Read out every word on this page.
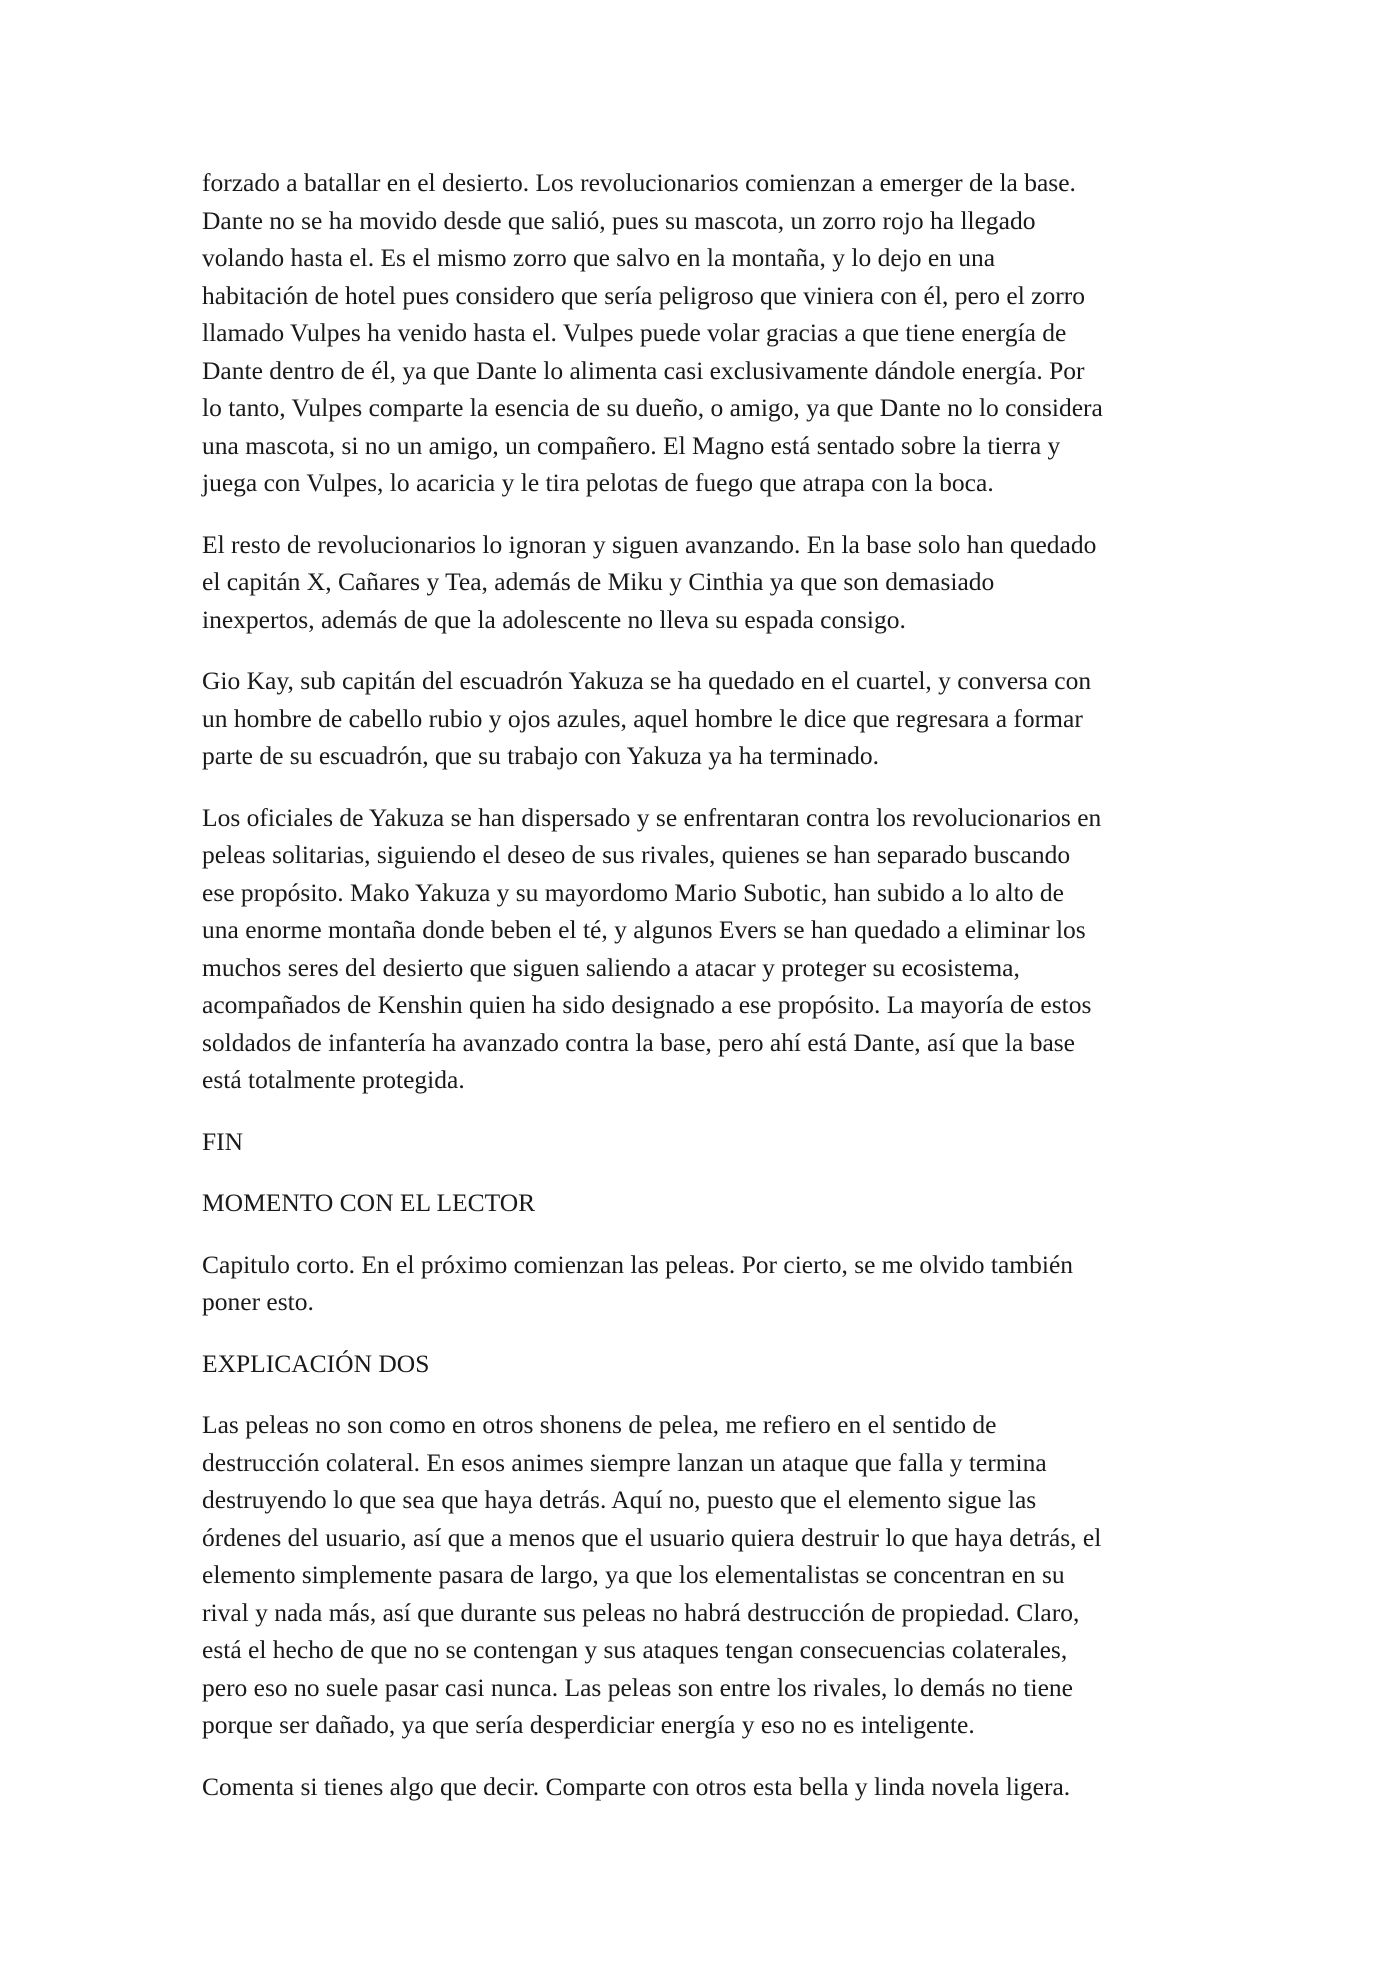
forzado a batallar en el desierto. Los revolucionarios comienzan a emerger de la base.
Dante no se ha movido desde que salió, pues su mascota, un zorro rojo ha llegado
volando hasta el. Es el mismo zorro que salvo en la montaña, y lo dejo en una
habitación de hotel pues considero que sería peligroso que viniera con él, pero el zorro
llamado Vulpes ha venido hasta el. Vulpes puede volar gracias a que tiene energía de
Dante dentro de él, ya que Dante lo alimenta casi exclusivamente dándole energía. Por
lo tanto, Vulpes comparte la esencia de su dueño, o amigo, ya que Dante no lo considera
una mascota, si no un amigo, un compañero. El Magno está sentado sobre la tierra y
juega con Vulpes, lo acaricia y le tira pelotas de fuego que atrapa con la boca.

El resto de revolucionarios lo ignoran y siguen avanzando. En la base solo han quedado
el capitán X, Cañares y Tea, además de Miku y Cinthia ya que son demasiado
inexpertos, además de que la adolescente no lleva su espada consigo.

Gio Kay, sub capitán del escuadrón Yakuza se ha quedado en el cuartel, y conversa con
un hombre de cabello rubio y ojos azules, aquel hombre le dice que regresara a formar
parte de su escuadrón, que su trabajo con Yakuza ya ha terminado.

Los oficiales de Yakuza se han dispersado y se enfrentaran contra los revolucionarios en
peleas solitarias, siguiendo el deseo de sus rivales, quienes se han separado buscando
ese propósito. Mako Yakuza y su mayordomo Mario Subotic, han subido a lo alto de
una enorme montaña donde beben el té, y algunos Evers se han quedado a eliminar los
muchos seres del desierto que siguen saliendo a atacar y proteger su ecosistema,
acompañados de Kenshin quien ha sido designado a ese propósito. La mayoría de estos
soldados de infantería ha avanzado contra la base, pero ahí está Dante, así que la base
está totalmente protegida.

FIN

MOMENTO CON EL LECTOR

Capitulo corto. En el próximo comienzan las peleas. Por cierto, se me olvido también
poner esto.

EXPLICACIÓN DOS

Las peleas no son como en otros shonens de pelea, me refiero en el sentido de
destrucción colateral. En esos animes siempre lanzan un ataque que falla y termina
destruyendo lo que sea que haya detrás. Aquí no, puesto que el elemento sigue las
órdenes del usuario, así que a menos que el usuario quiera destruir lo que haya detrás, el
elemento simplemente pasara de largo, ya que los elementalistas se concentran en su
rival y nada más, así que durante sus peleas no habrá destrucción de propiedad. Claro,
está el hecho de que no se contengan y sus ataques tengan consecuencias colaterales,
pero eso no suele pasar casi nunca. Las peleas son entre los rivales, lo demás no tiene
porque ser dañado, ya que sería desperdiciar energía y eso no es inteligente.

Comenta si tienes algo que decir. Comparte con otros esta bella y linda novela ligera.
